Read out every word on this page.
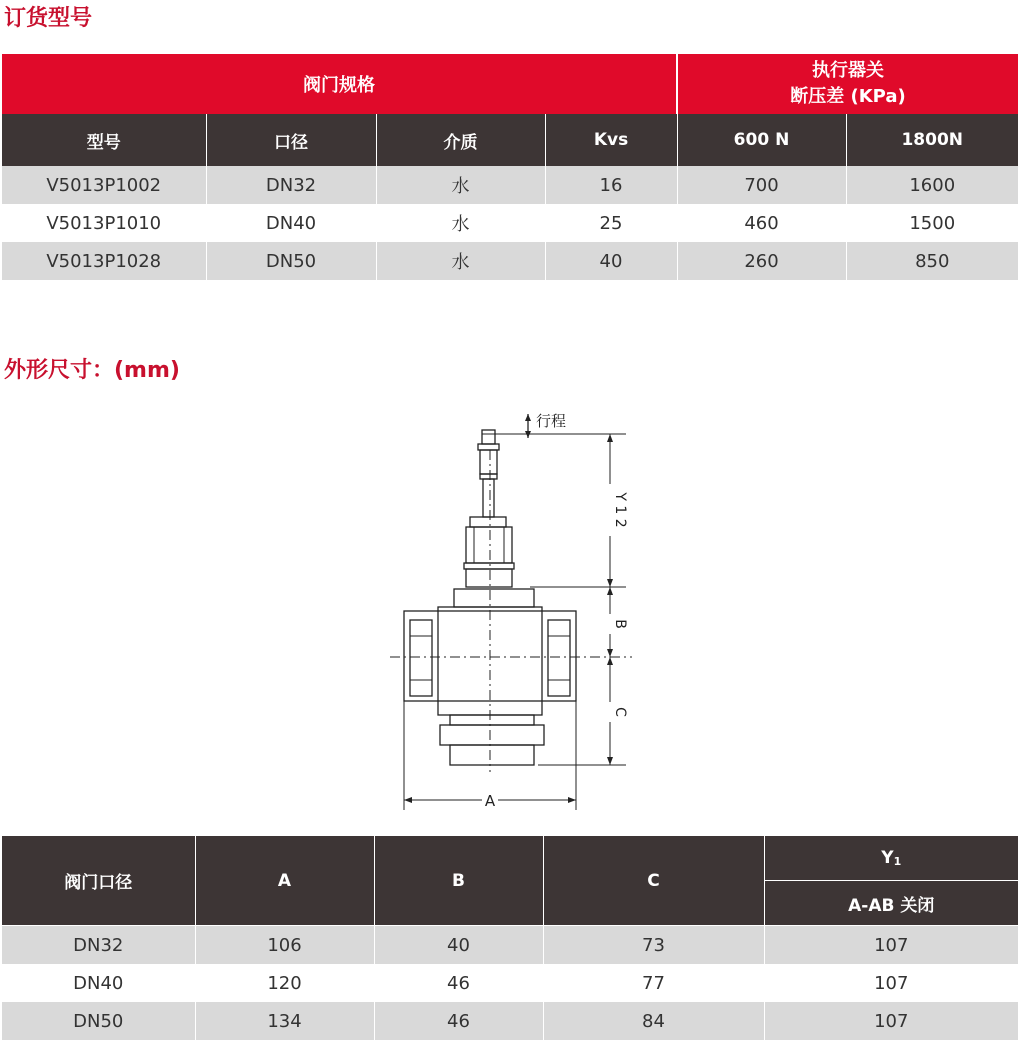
订货型号
阀门规格				执行器关
断压差 (KPa)	
型号	口径	介质	Kvs	600 N	1800N
V5013P1002	DN32	水	16	700	1600
V5013P1010	DN40	水	25	460	1500
V5013P1028	DN50	水	40	260	850
外形尺寸：(mm)
行程
Y 1 2
B
C
A
阀门口径	A	B	C	Y1
				A-AB 关闭
DN32	106	40	73	107
DN40	120	46	77	107
DN50	134	46	84	107
